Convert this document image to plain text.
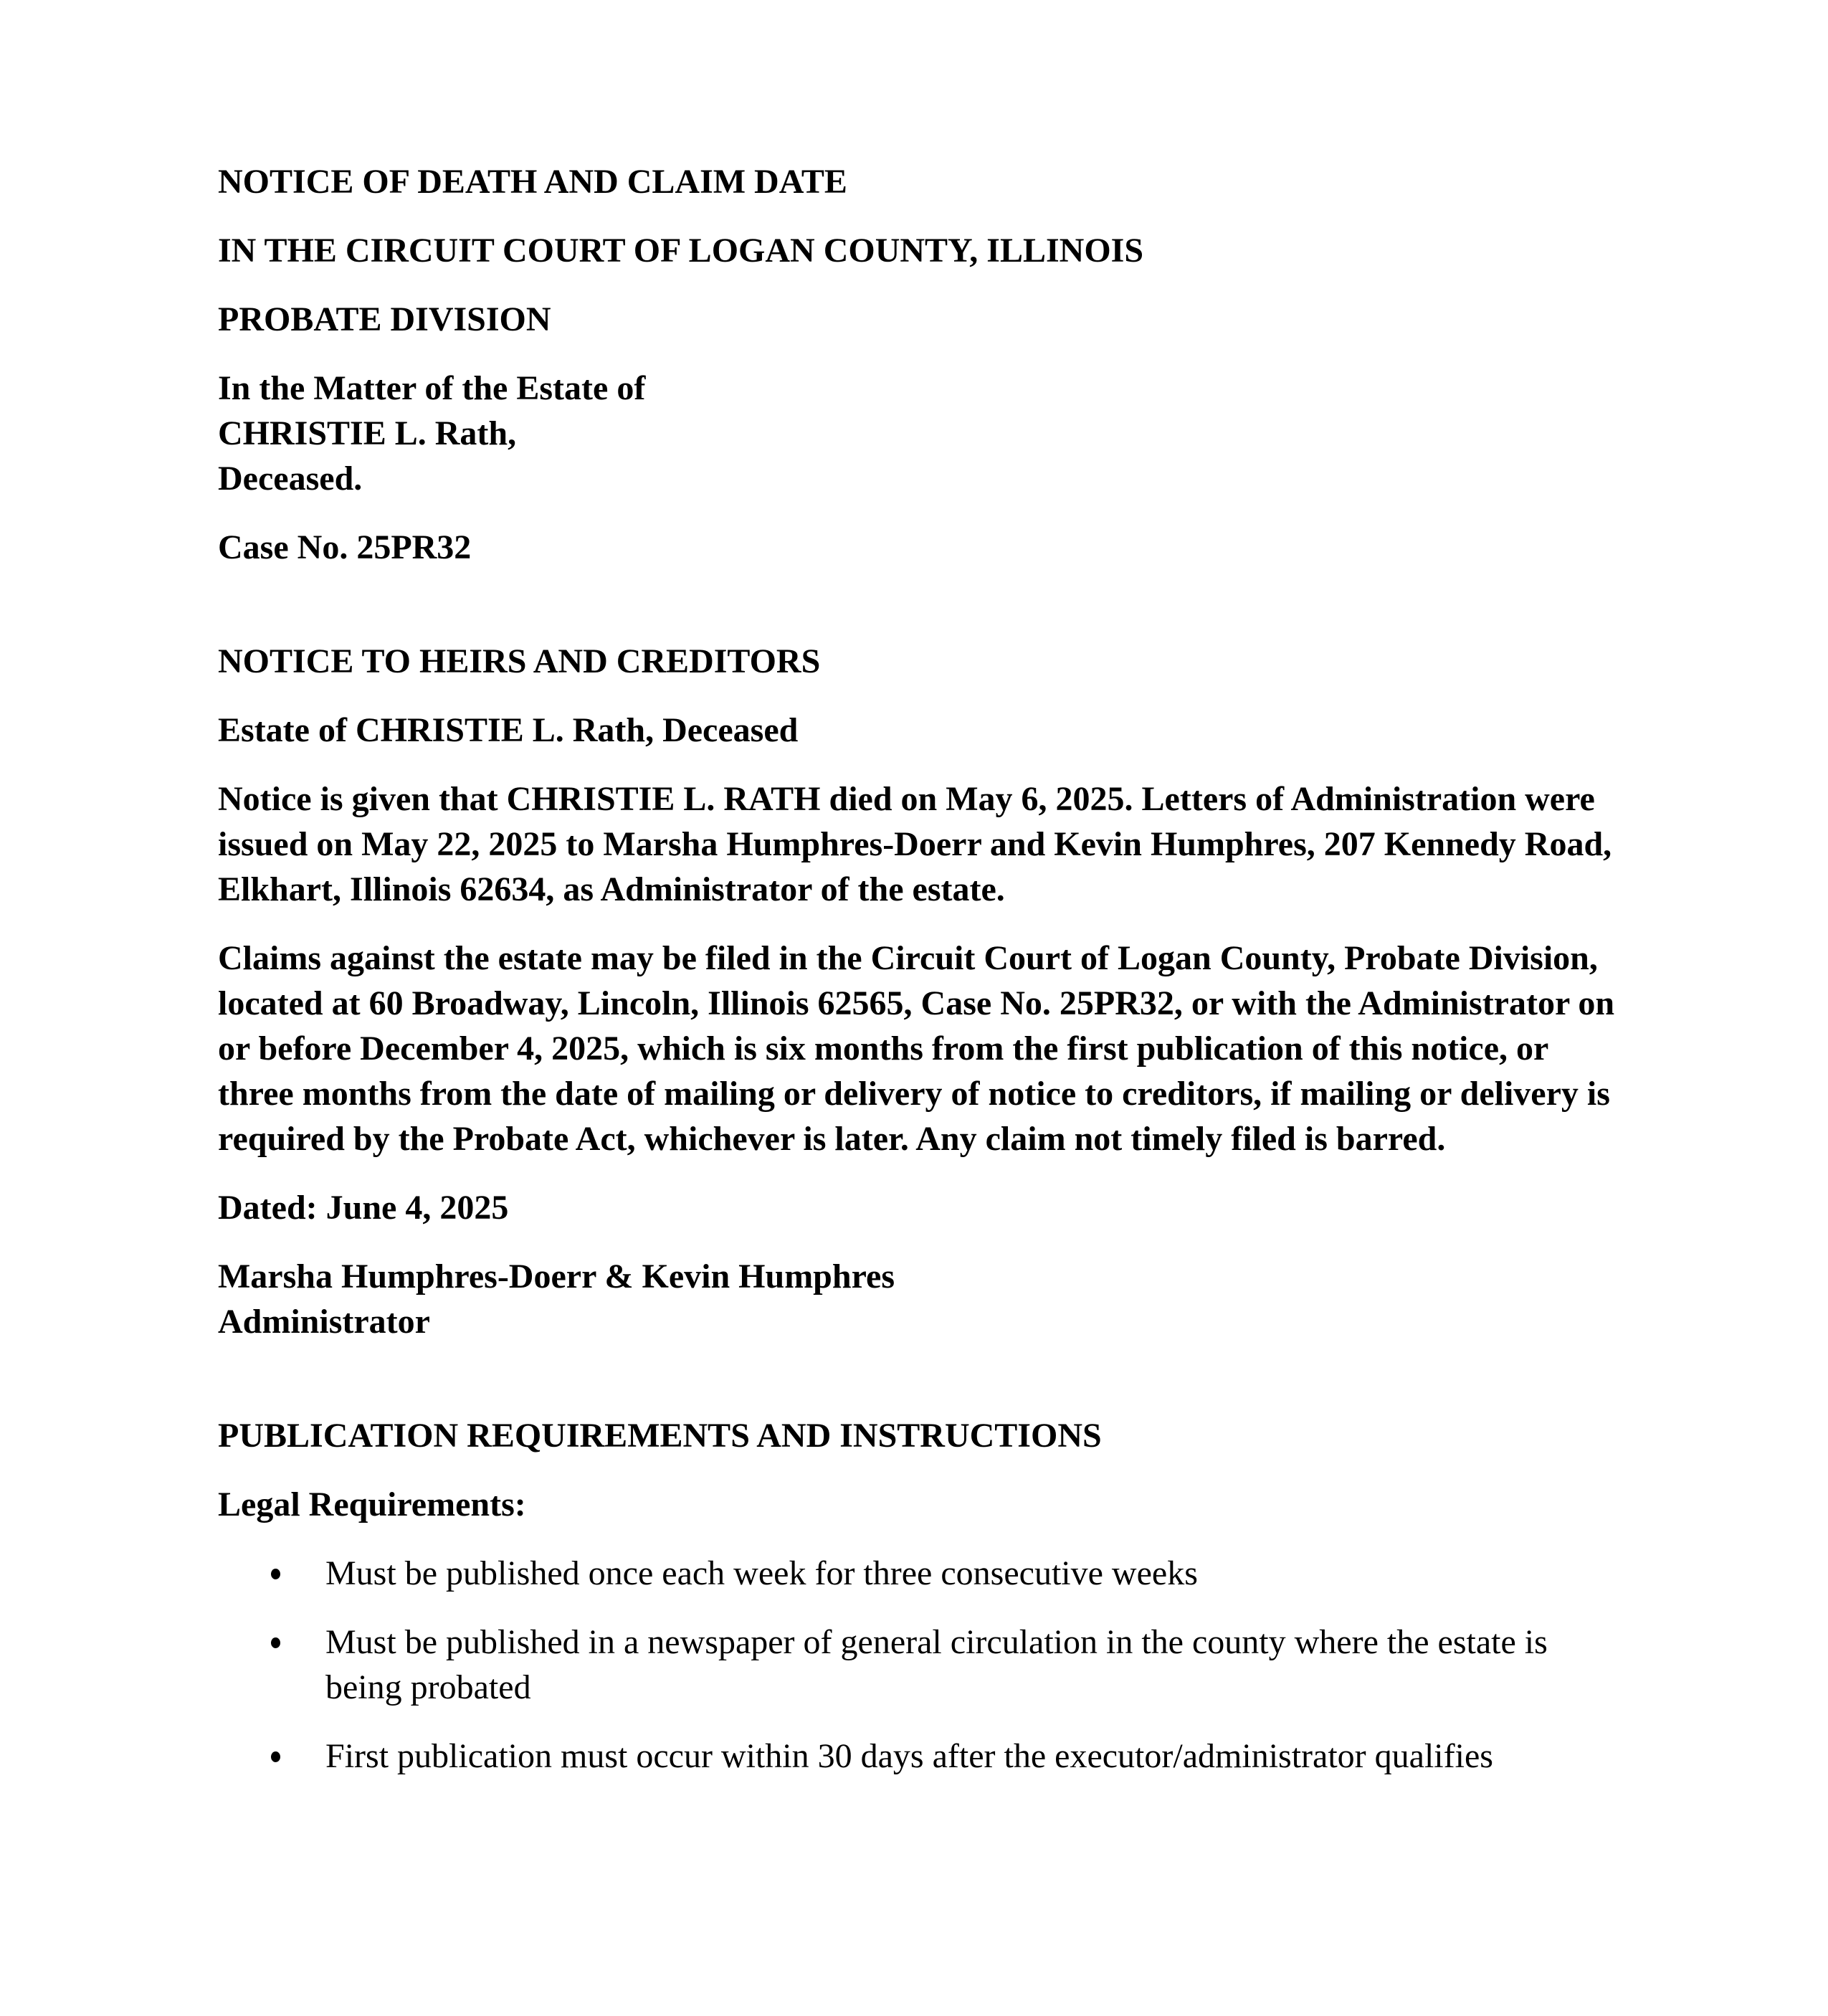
NOTICE OF DEATH AND CLAIM DATE

IN THE CIRCUIT COURT OF LOGAN COUNTY, ILLINOIS

PROBATE DIVISION

In the Matter of the Estate of
CHRISTIE L. Rath,
Deceased.

Case No. 25PR32

NOTICE TO HEIRS AND CREDITORS

Estate of CHRISTIE L. Rath, Deceased

Notice is given that CHRISTIE L. RATH died on May 6, 2025. Letters of Administration were issued on May 22, 2025 to Marsha Humphres-Doerr and Kevin Humphres, 207 Kennedy Road, Elkhart, Illinois 62634, as Administrator of the estate.

Claims against the estate may be filed in the Circuit Court of Logan County, Probate Division, located at 60 Broadway, Lincoln, Illinois 62565, Case No. 25PR32, or with the Administrator on or before December 4, 2025, which is six months from the first publication of this notice, or three months from the date of mailing or delivery of notice to creditors, if mailing or delivery is required by the Probate Act, whichever is later. Any claim not timely filed is barred.

Dated: June 4, 2025

Marsha Humphres-Doerr & Kevin Humphres
Administrator

PUBLICATION REQUIREMENTS AND INSTRUCTIONS

Legal Requirements:

Must be published once each week for three consecutive weeks
Must be published in a newspaper of general circulation in the county where the estate is being probated
First publication must occur within 30 days after the executor/administrator qualifies
